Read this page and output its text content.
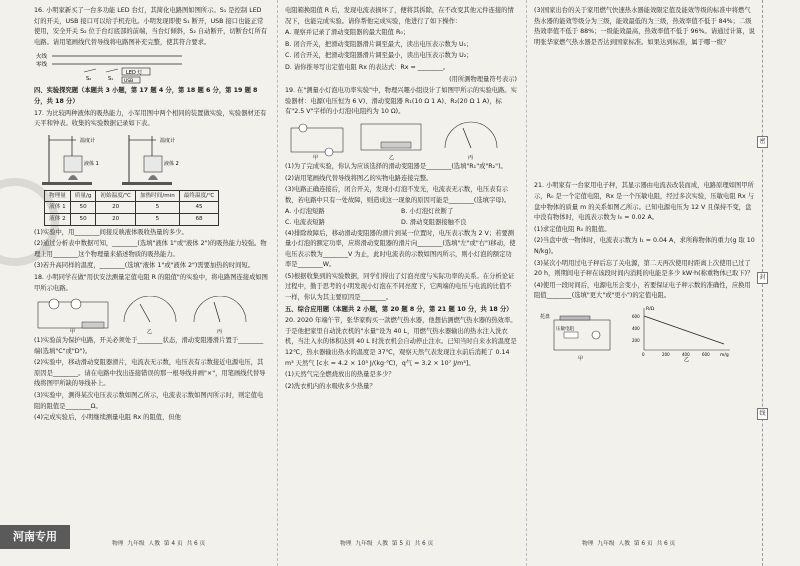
16. 小明家新买了一台多功能 LED 台灯，其简化电路图如图所示。S₁ 是控制 LED 灯的开关，USB 接口可以给手机充电。小明发现即使 S₁ 断开，USB 接口也能正常使用，安全开关 S₂ 位于台灯底部的前端，当台灯倾斜，S₂ 自动断开，切断台灯所有电路。请用笔画线代替导线将电路图补充完整，使其符合要求。

火线
零线
LED 灯
USB
S₂	S₁

四、实验探究题（本题共 3 小题，第 17 题 4 分，第 18 题 6 分，第 19 题 8 分，共 18 分）

17. 为比较两种液体的吸热能力，小军用图中两个相同的装置做实验，实验器材还有天平和钟表。收集的实验数据记录如下表。

温度计
液体 1
温度计
液体 2
物理量	质量/g	初始温度/℃	加热时间/min	最终温度/℃
液体 1	50	20	5	45
液体 2	50	20	5	68

(1)实验中，用________间接反映液体吸收热量的多少。

(2)通过分析表中数据可知，________(选填"液体 1"或"液体 2")的吸热能力较强。物理上用________这个物理量来描述物质的吸热能力。

(3)若升高同样的温度，________(选填"液体 1"或"液体 2")需要加热的时间短。

18. 小明同学在做"用伏安法测量定值电阻 R 的阻值"的实验中，将电路图连接成如图甲所示电路。

甲	乙	丙

(1)实验前为保护电路，开关必须处于________状态，滑动变阻器滑片置于________端(选填"C"或"D")。

(2)实验中，移动滑动变阻器滑片，电流表无示数，电压表有示数接近电源电压，其原因是________。请在电路中找出连接错误的那一根导线并画"×"，用笔画线代替导线将图甲所缺的导线补上。

(3)实验中，测得某次电压表示数如图乙所示，电流表示数如图丙所示时，则定值电阻的阻值是________Ω。

(4)完成实验后，小明继续测量电阻 Rx 的阻值，但他

电阻箱换阻值 R 后，发现电流表损坏了，便将其拆除，在不改变其他元件连接的情况下，也能完成实验。请你帮他完成实验，他进行了如下操作：

A. 观察并记录了滑动变阻器的最大阻值 R₀；

B. 闭合开关，把滑动变阻器滑片调至最大，读出电压表示数为 U₁；

C. 闭合开关，把滑动变阻器滑片调至最小，读出电压表示数为 U₂；

D. 请你推导写出定值电阻 Rx 的表达式：Rx = ________。

(用所测物理量符号表示)

19. 在"测量小灯泡电功率实验"中，物理兴趣小组设计了如图甲所示的实验电路。实验器材：电源(电压恒为 6 V)、滑动变阻器 R₁(10 Ω 1 A)、R₂(20 Ω 1 A)，标有"2.5 V"字样的小灯泡(电阻约为 10 Ω)。

甲	乙	丙

(1)为了完成实验，你认为应该选择的滑动变阻器是________(选填"R₁"或"R₂")。

(2)请用笔画线代替导线将图乙的实物电路连接完整。

(3)电路正确连接后，闭合开关，发现小灯泡不发光，电流表无示数，电压表有示数，若电路中只有一处故障，则造成这一现象的原因可能是________(选填字母)。

A. 小灯泡短路	B. 小灯泡灯丝断了
C. 电流表短路	D. 滑动变阻器接触不良

(4)排除故障后，移动滑动变阻器的滑片到某一位置时，电压表示数为 2 V；若要测量小灯泡的额定功率，应将滑动变阻器的滑片向________(选填"左"或"右")移动，使电压表示数为________V 为止，此时电流表的示数如图丙所示，则小灯泡的额定功率是________W。

(5)根据收集到的实验数据，同学们得出了灯泡亮度与实际功率的关系。在分析论证过程中，勤于思考的小明发现小灯泡在不同亮度下，它两端的电压与电流的比值不一样，你认为其主要原因是________。

五、综合应用题（本题共 2 小题，第 20 题 8 分，第 21 题 10 分，共 18 分）

20. 2020 年端午节，张华家购买一款燃气热水器，他想估测燃气热水器的热效率。于是他把家里自动洗衣机的"水量"设为 40 L，用燃气热水器输出的热水注入洗衣机，当注入水的体积达到 40 L 时洗衣机会自动停止注水。已知当时自来水的温度是 12℃，热水器输出热水的温度是 37℃，观察天然气表发现注水前后消耗了 0.14 m³ 天然气 [c水 = 4.2 × 10³ J/(kg·℃)，q气 = 3.2 × 10⁷ J/m³]。

(1)天然气完全燃烧放出的热量是多少？

(2)洗衣机内的水吸收多少热量？

(3)国家出台的关于家用燃气快速热水器能效限定值及能效等级的标准中将燃气热水器的能效等级分为三级，能效最低的为三级，热效率值不低于 84%；二级热效率值不低于 88%；一级能效最高，热效率值不低于 96%。请通过计算，说明张华家燃气热水器是否达到国家标准。如果达到标准，属于哪一级？

21. 小明家有一台家用电子秤，其显示器由电流表改装而成，电路原理如图甲所示，R₀ 是一个定值电阻，Rx 是一个压敏电阻，经过多次实验，压敏电阻 Rx 与盘中物体的质量 m 的关系如图乙所示。已知电源电压为 12 V 且保持不变，盘中没有物体时，电流表示数为 I₀ = 0.02 A。

(1)求定值电阻 R₀ 的阻值。

(2)当盘中放一物体时，电流表示数为 I₁ = 0.04 A，求所称物体的重力(g 取 10 N/kg)。

(3)某次小明用过电子秤后忘了关电源，第二天再次使用时距离上次使用已过了 20 h，则期间电子秤在该段时间内消耗的电能是多少 kW·h(称重物体已取下)？

(4)使用一段时间后，电源电压会变小，若要保证电子秤示数的准确性，应换用阻值________(选填"更大"或"更小")的定值电阻。

托盘
压敏电阻
甲
R/Ω
m/g
600
400
200
0	200	400	600
乙
密
封
线
河南专用
物理 九年级 人教 第 4 页 共 6 页	物理 九年级 人教 第 5 页 共 6 页	物理 九年级 人教 第 6 页 共 6 页
